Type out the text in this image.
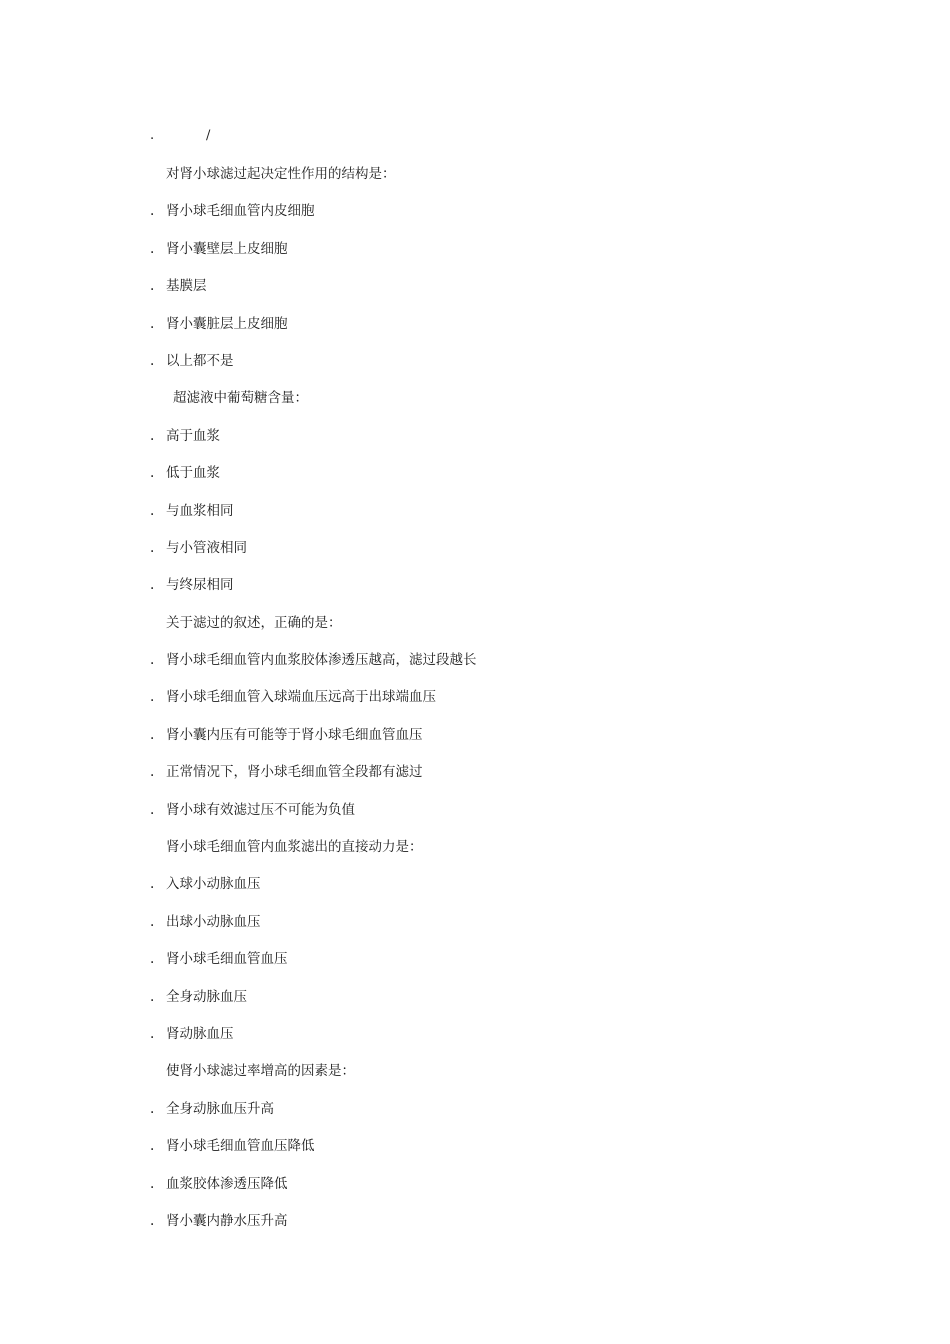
.	/
对肾小球滤过起决定性作用的结构是：
. 肾小球毛细血管内皮细胞
. 肾小囊壁层上皮细胞
. 基膜层
. 肾小囊脏层上皮细胞
. 以上都不是
超滤液中葡萄糖含量：
. 高于血浆
. 低于血浆
. 与血浆相同
. 与小管液相同
. 与终尿相同
关于滤过的叙述，正确的是：
. 肾小球毛细血管内血浆胶体渗透压越高，滤过段越长
. 肾小球毛细血管入球端血压远高于出球端血压
. 肾小囊内压有可能等于肾小球毛细血管血压
. 正常情况下，肾小球毛细血管全段都有滤过
. 肾小球有效滤过压不可能为负值
肾小球毛细血管内血浆滤出的直接动力是：
. 入球小动脉血压
. 出球小动脉血压
. 肾小球毛细血管血压
. 全身动脉血压
. 肾动脉血压
使肾小球滤过率增高的因素是：
. 全身动脉血压升高
. 肾小球毛细血管血压降低
. 血浆胶体渗透压降低
. 肾小囊内静水压升高
